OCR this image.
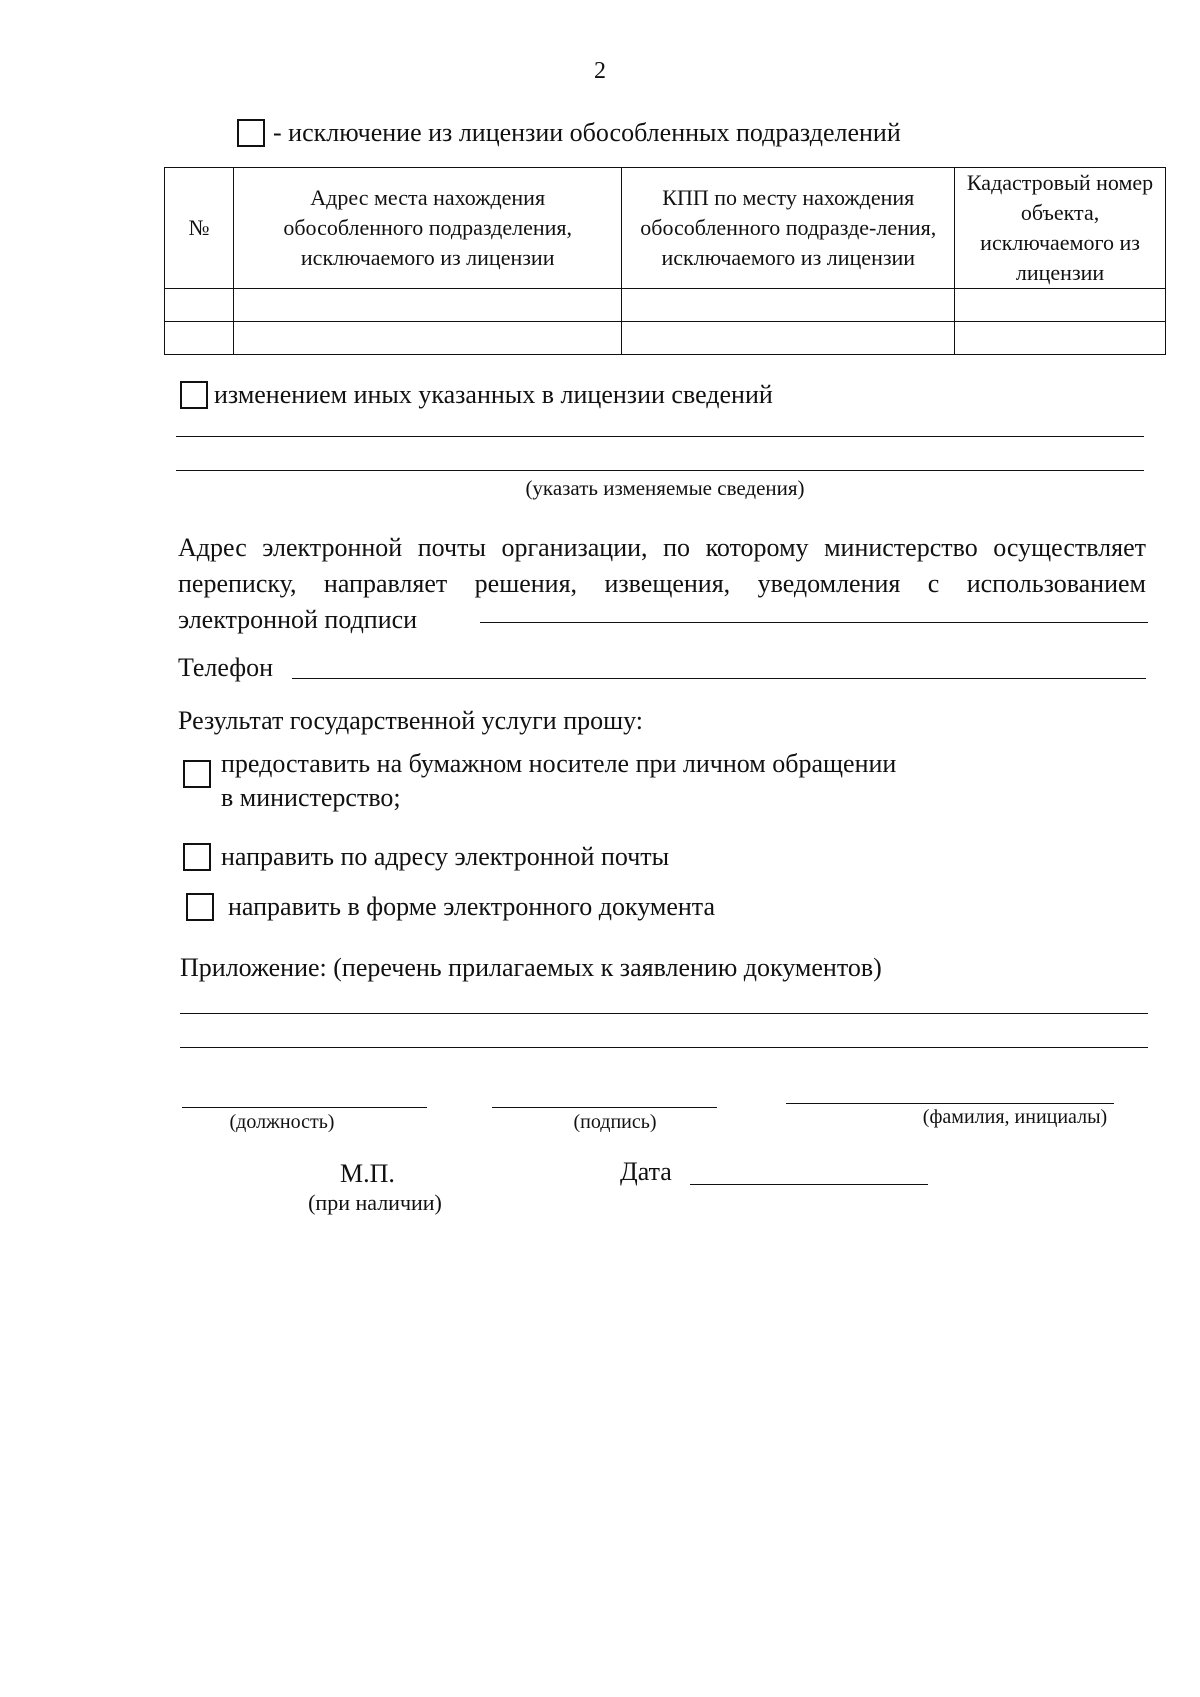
2
- исключение из лицензии обособленных подразделений
№	Адрес места нахождения обособленного подразделения, исключаемого из лицензии	КПП по месту нахождения обособленного подразде-ления, исключаемого из лицензии	Кадастровый номер объекта, исключаемого из лицензии

изменением иных указанных в лицензии сведений
(указать изменяемые сведения)
Адрес электронной почты организации, по которому министерство осуществляет переписку, направляет решения, извещения, уведомления с использованием электронной подписи
Телефон
Результат государственной услуги прошу:
предоставить на бумажном носителе при личном обращении
в министерство;
направить по адресу электронной почты
направить в форме электронного документа
Приложение: (перечень прилагаемых к заявлению документов)
(должность)	(подпись)	(фамилия, инициалы)
М.П.
(при наличии)
Дата
